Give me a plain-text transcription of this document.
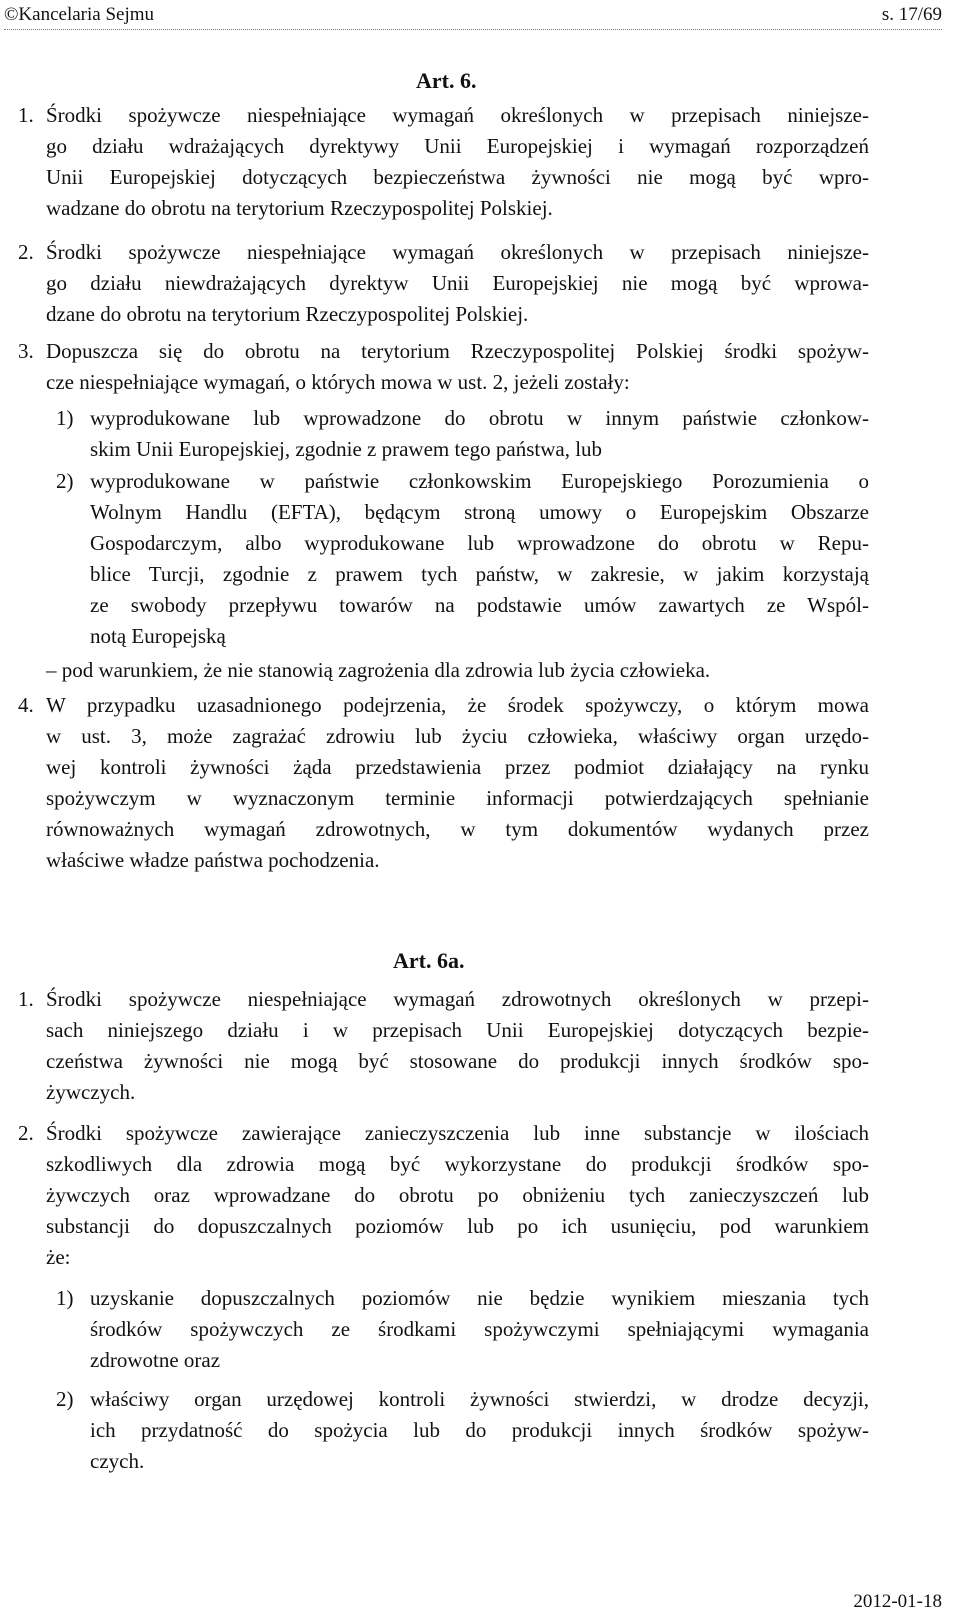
©Kancelaria Sejmu	s. 17/69
Art. 6.
1. Środki spożywcze niespełniające wymagań określonych w przepisach niniejsze-
go działu wdrażających dyrektywy Unii Europejskiej i wymagań rozporządzeń
Unii Europejskiej dotyczących bezpieczeństwa żywności nie mogą być wpro-
wadzane do obrotu na terytorium Rzeczypospolitej Polskiej.
2. Środki spożywcze niespełniające wymagań określonych w przepisach niniejsze-
go działu niewdrażających dyrektyw Unii Europejskiej nie mogą być wprowa-
dzane do obrotu na terytorium Rzeczypospolitej Polskiej.
3. Dopuszcza się do obrotu na terytorium Rzeczypospolitej Polskiej środki spożyw-
cze niespełniające wymagań, o których mowa w ust. 2, jeżeli zostały:
1) wyprodukowane lub wprowadzone do obrotu w innym państwie członkow-
skim Unii Europejskiej, zgodnie z prawem tego państwa, lub
2) wyprodukowane w państwie członkowskim Europejskiego Porozumienia o
Wolnym Handlu (EFTA), będącym stroną umowy o Europejskim Obszarze
Gospodarczym, albo wyprodukowane lub wprowadzone do obrotu w Repu-
blice Turcji, zgodnie z prawem tych państw, w zakresie, w jakim korzystają
ze swobody przepływu towarów na podstawie umów zawartych ze Wspól-
notą Europejską
– pod warunkiem, że nie stanowią zagrożenia dla zdrowia lub życia człowieka.
4. W przypadku uzasadnionego podejrzenia, że środek spożywczy, o którym mowa
w ust. 3, może zagrażać zdrowiu lub życiu człowieka, właściwy organ urzędo-
wej kontroli żywności żąda przedstawienia przez podmiot działający na rynku
spożywczym w wyznaczonym terminie informacji potwierdzających spełnianie
równoważnych wymagań zdrowotnych, w tym dokumentów wydanych przez
właściwe władze państwa pochodzenia.
Art. 6a.
1. Środki spożywcze niespełniające wymagań zdrowotnych określonych w przepi-
sach niniejszego działu i w przepisach Unii Europejskiej dotyczących bezpie-
czeństwa żywności nie mogą być stosowane do produkcji innych środków spo-
żywczych.
2. Środki spożywcze zawierające zanieczyszczenia lub inne substancje w ilościach
szkodliwych dla zdrowia mogą być wykorzystane do produkcji środków spo-
żywczych oraz wprowadzane do obrotu po obniżeniu tych zanieczyszczeń lub
substancji do dopuszczalnych poziomów lub po ich usunięciu, pod warunkiem
że:
1) uzyskanie dopuszczalnych poziomów nie będzie wynikiem mieszania tych
środków spożywczych ze środkami spożywczymi spełniającymi wymagania
zdrowotne oraz
2) właściwy organ urzędowej kontroli żywności stwierdzi, w drodze decyzji,
ich przydatność do spożycia lub do produkcji innych środków spożyw-
czych.
2012-01-18
